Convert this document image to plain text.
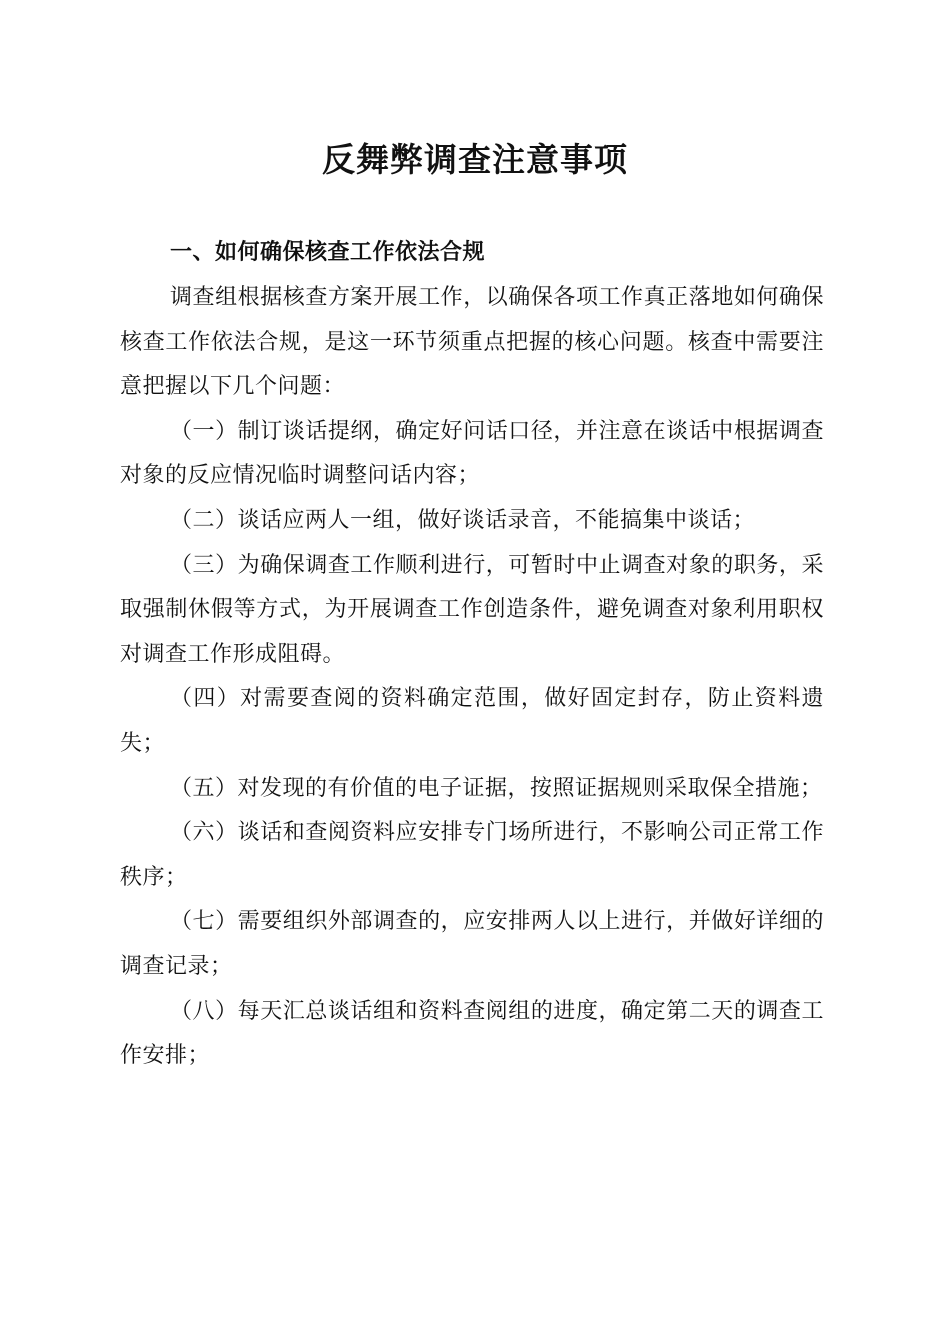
反舞弊调查注意事项
一、如何确保核查工作依法合规

调查组根据核查方案开展工作，以确保各项工作真正落地如何确保核查工作依法合规，是这一环节须重点把握的核心问题。核查中需要注意把握以下几个问题：

（一）制订谈话提纲，确定好问话口径，并注意在谈话中根据调查对象的反应情况临时调整问话内容；

（二）谈话应两人一组，做好谈话录音，不能搞集中谈话；

（三）为确保调查工作顺利进行，可暂时中止调查对象的职务，采取强制休假等方式，为开展调查工作创造条件，避免调查对象利用职权对调查工作形成阻碍。

（四）对需要查阅的资料确定范围，做好固定封存，防止资料遗失；

（五）对发现的有价值的电子证据，按照证据规则采取保全措施；

（六）谈话和查阅资料应安排专门场所进行，不影响公司正常工作秩序；

（七）需要组织外部调查的，应安排两人以上进行，并做好详细的调查记录；

（八）每天汇总谈话组和资料查阅组的进度，确定第二天的调查工作安排；
